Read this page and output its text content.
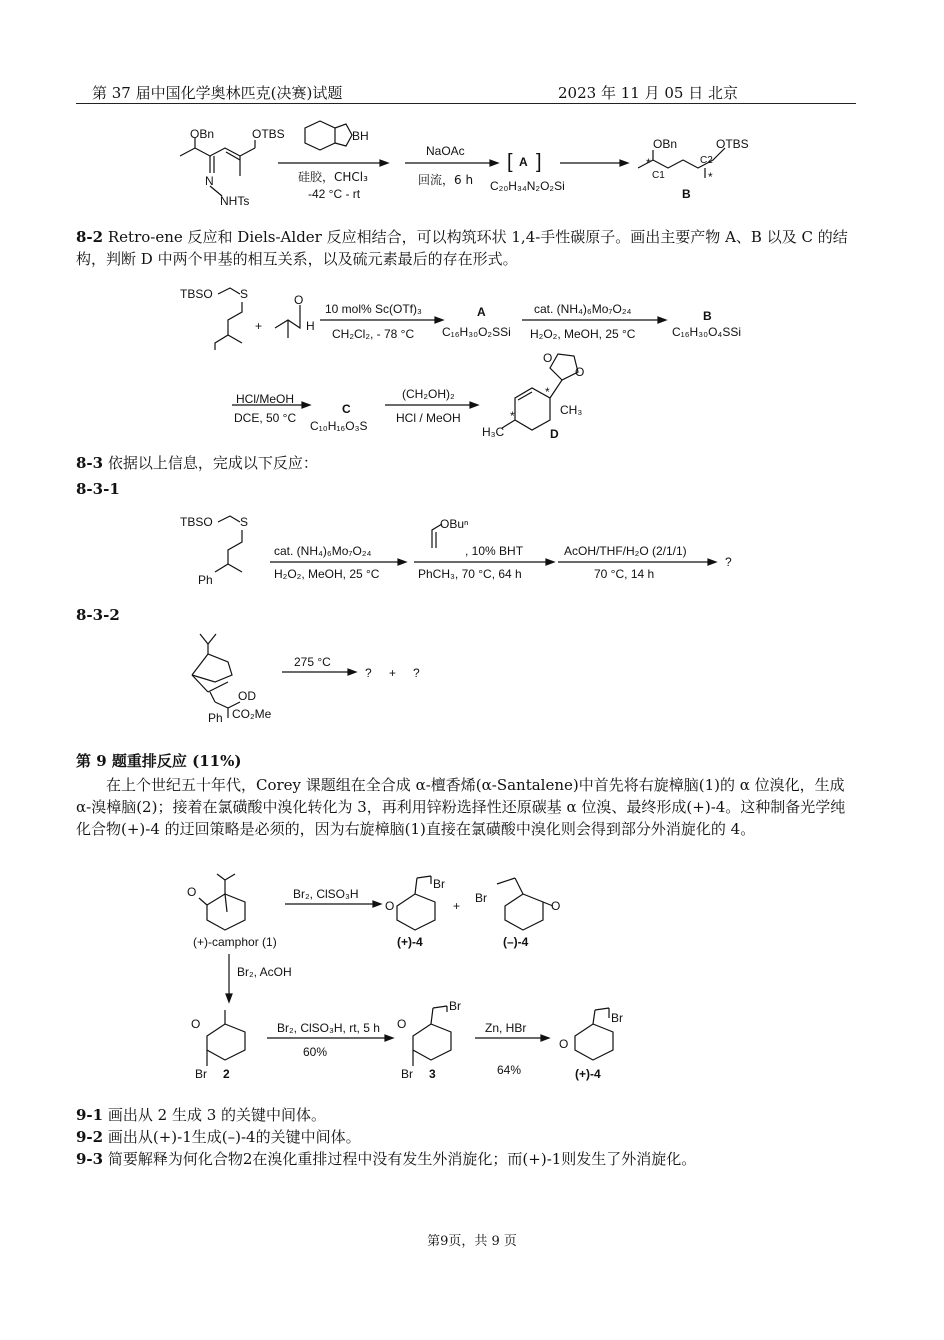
第 37 届中国化学奥林匹克(决赛)试题	2023 年 11 月 05 日 北京
OBn	OTBS
N
NHTs
BH
硅胶，CHCl₃
-42 °C - rt
NaOAc
回流，6 h
[ A ]
C₂₀H₃₄N₂O₂Si
OBn	OTBS
*
*
C1
C2
B
8-2 Retro-ene 反应和 Diels-Alder 反应相结合，可以构筑环状 1,4-手性碳原子。画出主要产物 A、B 以及 C 的结构，判断 D 中两个甲基的相互关系，以及硫元素最后的存在形式。
TBSO S
+
O
H
10 mol% Sc(OTf)₃
CH₂Cl₂, - 78 °C
A
C₁₆H₃₀O₂SSi
cat. (NH₄)₆Mo₇O₂₄
H₂O₂, MeOH, 25 °C
B
C₁₆H₃₀O₄SSi
HCl/MeOH
DCE, 50 °C
C
C₁₀H₁₆O₃S
(CH₂OH)₂
HCl / MeOH
O
O
*
*	CH₃
H₃C	D
8-3 依据以上信息，完成以下反应：
8-3-1
TBSO S
Ph
cat. (NH₄)₆Mo₇O₂₄
H₂O₂, MeOH, 25 °C
OBuⁿ
, 10% BHT
PhCH₃, 70 °C, 64 h
AcOH/THF/H₂O (2/1/1)
70 °C, 14 h
?
8-3-2
OD
Ph CO₂Me
275 °C
? + ?
第 9 题重排反应 (11%)
在上个世纪五十年代，Corey 课题组在全合成 α-檀香烯(α-Santalene)中首先将右旋樟脑(1)的 α 位溴化，生成 α-溴樟脑(2)；接着在氯磺酸中溴化转化为 3，再利用锌粉选择性还原碳基 α 位溴、最终形成(+)-4。这种制备光学纯化合物(+)-4 的迂回策略是必须的，因为右旋樟脑(1)直接在氯磺酸中溴化则会得到部分外消旋化的 4。
O
(+)-camphor (1)
Br₂, ClSO₃H
Br
O
(+)-4
+
Br
O
(–)-4
Br₂, AcOH
O
Br 2
Br₂, ClSO₃H, rt, 5 h
60%
Br
O
Br 3
Zn, HBr
64%
Br
O
(+)-4
9-1 画出从 2 生成 3 的关键中间体。
9-2 画出从(+)-1生成(–)-4的关键中间体。
9-3 简要解释为何化合物2在溴化重排过程中没有发生外消旋化；而(+)-1则发生了外消旋化。
第9页，共 9 页
